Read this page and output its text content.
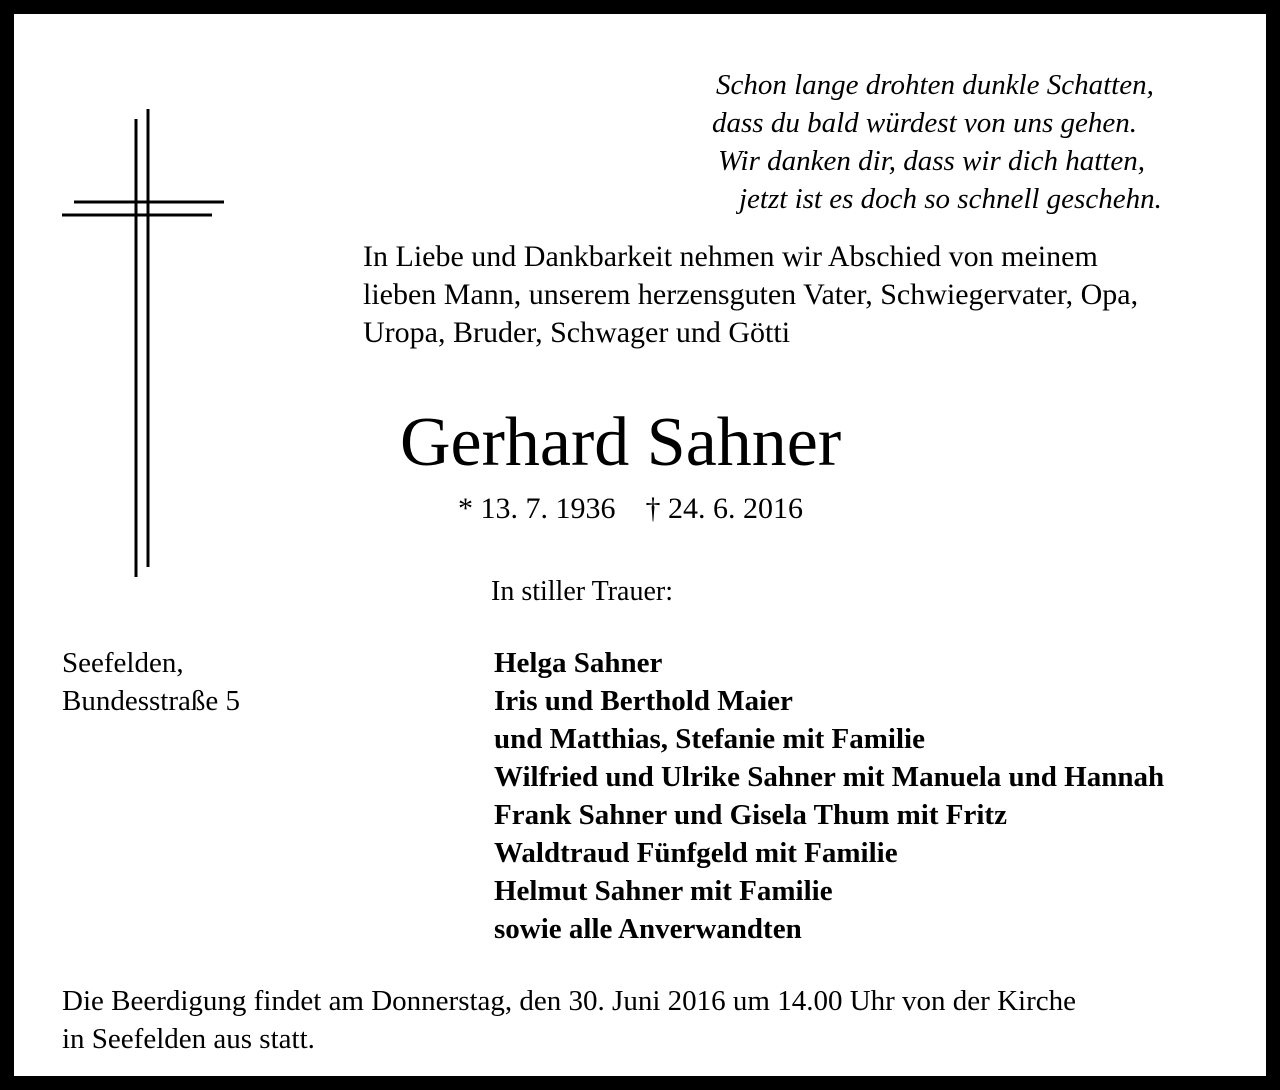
Schon lange drohten dunkle Schatten,
dass du bald würdest von uns gehen.
Wir danken dir, dass wir dich hatten,
jetzt ist es doch so schnell geschehn.
In Liebe und Dankbarkeit nehmen wir Abschied von meinem
lieben Mann, unserem herzensguten Vater, Schwiegervater, Opa,
Uropa, Bruder, Schwager und Götti
Gerhard Sahner
* 13. 7. 1936 † 24. 6. 2016
In stiller Trauer:
Seefelden,
Bundesstraße 5
Helga Sahner
Iris und Berthold Maier
und Matthias, Stefanie mit Familie
Wilfried und Ulrike Sahner mit Manuela und Hannah
Frank Sahner und Gisela Thum mit Fritz
Waldtraud Fünfgeld mit Familie
Helmut Sahner mit Familie
sowie alle Anverwandten
Die Beerdigung findet am Donnerstag, den 30. Juni 2016 um 14.00 Uhr von der Kirche
in Seefelden aus statt.
